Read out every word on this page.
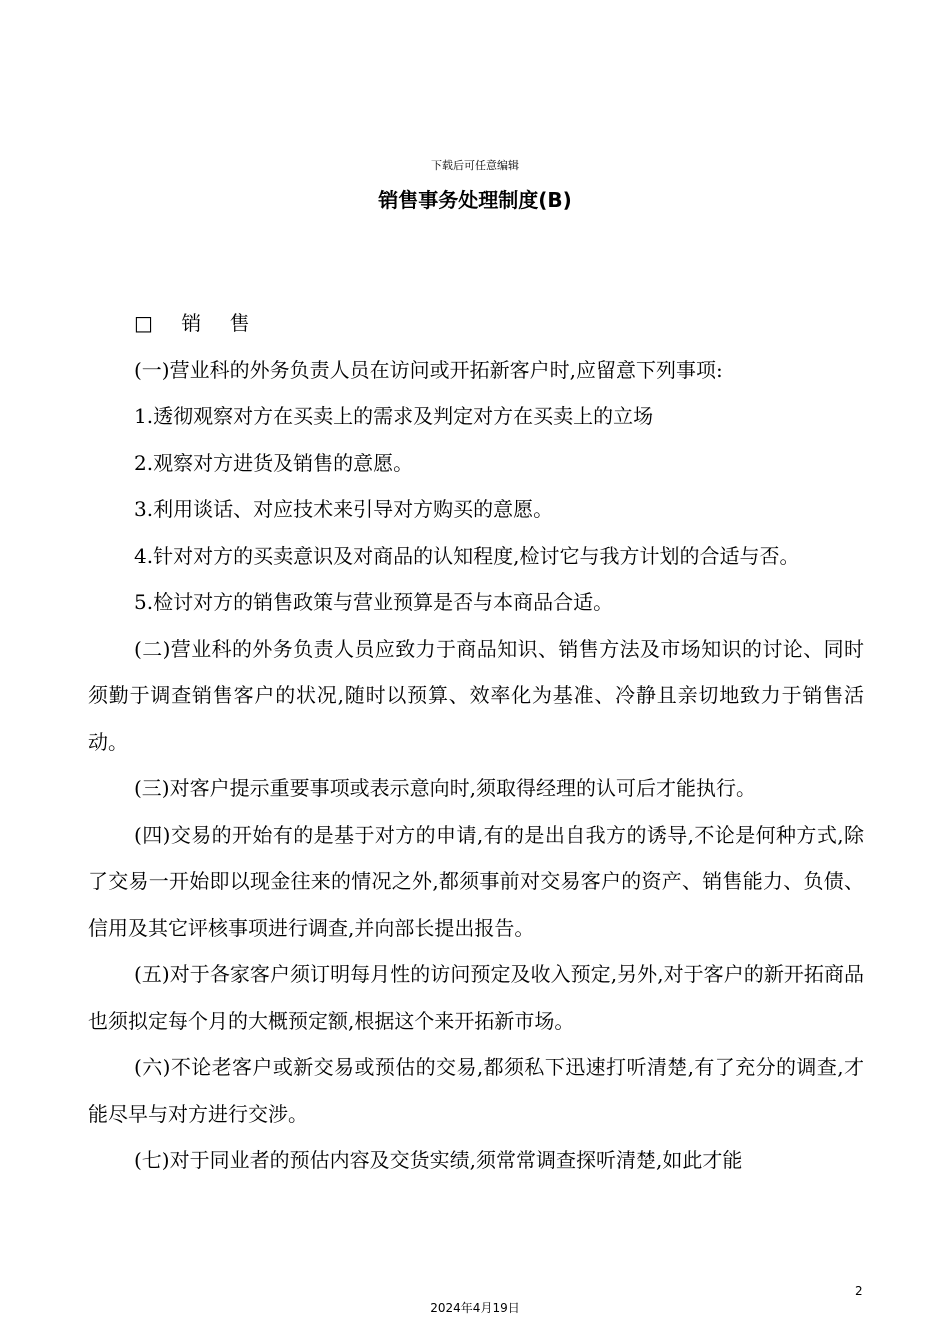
下载后可任意编辑
销售事务处理制度(B)

□ 销 售

(一)营业科的外务负责人员在访问或开拓新客户时,应留意下列事项:

1.透彻观察对方在买卖上的需求及判定对方在买卖上的立场

2.观察对方进货及销售的意愿。

3.利用谈话、对应技术来引导对方购买的意愿。

4.针对对方的买卖意识及对商品的认知程度,检讨它与我方计划的合适与否。

5.检讨对方的销售政策与营业预算是否与本商品合适。

(二)营业科的外务负责人员应致力于商品知识、销售方法及市场知识的讨论、同时须勤于调查销售客户的状况,随时以预算、效率化为基准、冷静且亲切地致力于销售活动。

(三)对客户提示重要事项或表示意向时,须取得经理的认可后才能执行。

(四)交易的开始有的是基于对方的申请,有的是出自我方的诱导,不论是何种方式,除了交易一开始即以现金往来的情况之外,都须事前对交易客户的资产、销售能力、负债、信用及其它评核事项进行调查,并向部长提出报告。

(五)对于各家客户须订明每月性的访问预定及收入预定,另外,对于客户的新开拓商品也须拟定每个月的大概预定额,根据这个来开拓新市场。

(六)不论老客户或新交易或预估的交易,都须私下迅速打听清楚,有了充分的调查,才能尽早与对方进行交涉。

(七)对于同业者的预估内容及交货实绩,须常常调查探听清楚,如此才能

2
2024年4月19日
